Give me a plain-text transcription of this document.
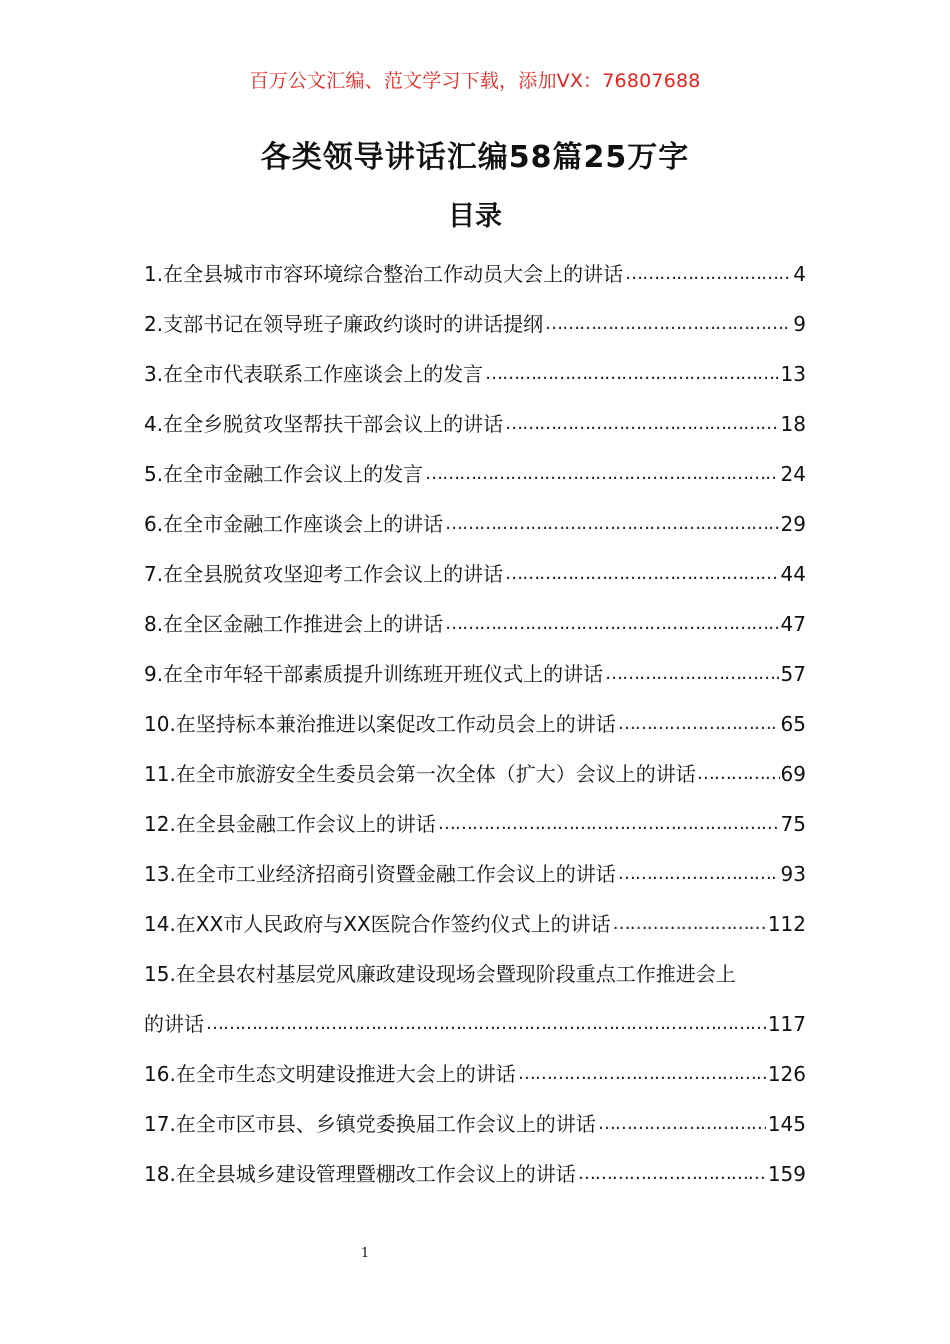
百万公文汇编、范文学习下载，添加VX：76807688
各类领导讲话汇编58篇25万字
目录
1.在全县城市市容环境综合整治工作动员大会上的讲话 ……………………………………………………………………………………………………………………………………………………………	4
2.支部书记在领导班子廉政约谈时的讲话提纲 ……………………………………………………………………………………………………………………………………………………………	9
3.在全市代表联系工作座谈会上的发言 ……………………………………………………………………………………………………………………………………………………………	13
4.在全乡脱贫攻坚帮扶干部会议上的讲话 ……………………………………………………………………………………………………………………………………………………………	18
5.在全市金融工作会议上的发言 ……………………………………………………………………………………………………………………………………………………………	24
6.在全市金融工作座谈会上的讲话 ……………………………………………………………………………………………………………………………………………………………	29
7.在全县脱贫攻坚迎考工作会议上的讲话 ……………………………………………………………………………………………………………………………………………………………	44
8.在全区金融工作推进会上的讲话 ……………………………………………………………………………………………………………………………………………………………	47
9.在全市年轻干部素质提升训练班开班仪式上的讲话 ……………………………………………………………………………………………………………………………………………………………	57
10.在坚持标本兼治推进以案促改工作动员会上的讲话 ……………………………………………………………………………………………………………………………………………………………	65
11.在全市旅游安全生委员会第一次全体（扩大）会议上的讲话 ……………………………………………………………………………………………………………………………………………………………	69
12.在全县金融工作会议上的讲话 ……………………………………………………………………………………………………………………………………………………………	75
13.在全市工业经济招商引资暨金融工作会议上的讲话 ……………………………………………………………………………………………………………………………………………………………	93
14.在XX市人民政府与XX医院合作签约仪式上的讲话 ……………………………………………………………………………………………………………………………………………………………	112
15.在全县农村基层党风廉政建设现场会暨现阶段重点工作推进会上
的讲话 ……………………………………………………………………………………………………………………………………………………………	117
16.在全市生态文明建设推进大会上的讲话 ……………………………………………………………………………………………………………………………………………………………	126
17.在全市区市县、乡镇党委换届工作会议上的讲话 ……………………………………………………………………………………………………………………………………………………………	145
18.在全县城乡建设管理暨棚改工作会议上的讲话 ……………………………………………………………………………………………………………………………………………………………	159
1
